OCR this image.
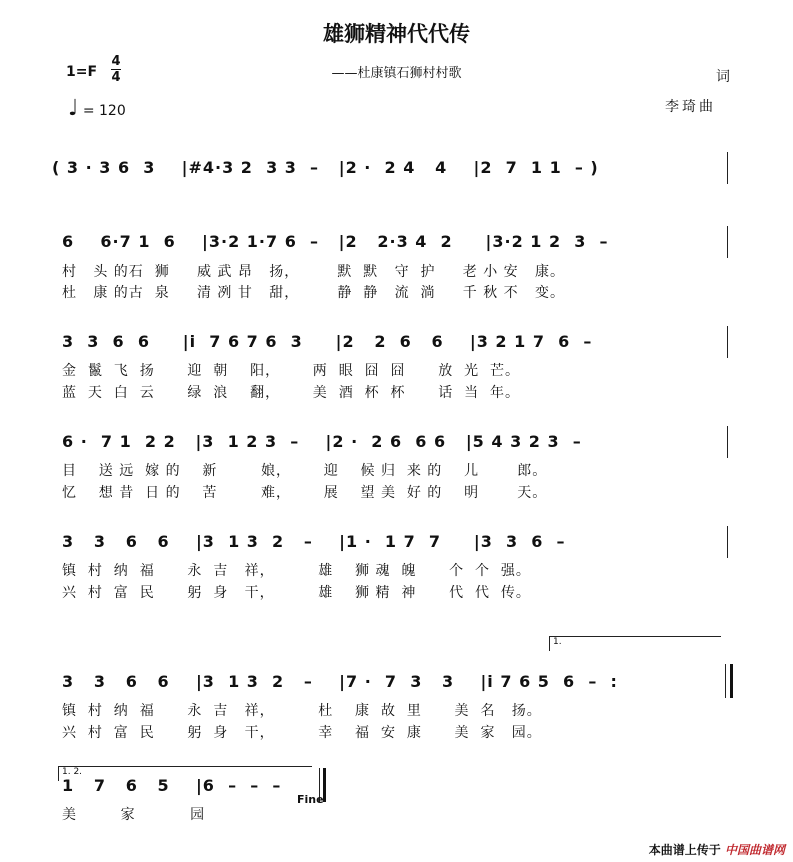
雄狮精神代代传
——杜康镇石狮村村歌
1=F
4
4
♩ = 120
词
李琦曲
( 3 · 3 6  3    |#4·3 2  3 3  –   |2 ·  2 4   4    |2  7  1 1  – )
6    6·7 1  6    |3·2 1·7 6  –   |2   2·3 4  2     |3·2 1 2  3  –
村   头 的石  狮     威 武 昂   扬，       默  默   守  护     老 小 安   康。
杜   康 的古  泉     清 冽 甘   甜，       静  静   流  淌     千 秋 不   变。
3  3  6  6     |i  7 6 7 6  3     |2   2  6   6    |3 2 1 7  6  –
金  鬣  飞  扬      迎  朝    阳，      两  眼  囧  囧      放  光  芒。
蓝  天  白  云      绿  浪    翻，      美  酒  杯  杯      话  当  年。
6 ·  7 1  2 2   |3  1 2 3  –    |2 ·  2 6  6 6   |5 4 3 2 3  –
目    送 远  嫁 的    新        娘，      迎    候 归  来 的    儿       郎。
忆    想 昔  日 的    苦        难，      展    望 美  好 的    明       天。
3   3   6   6    |3  1 3  2   –    |1 ·  1 7  7     |3  3  6  –
镇  村  纳  福      永  吉   祥，        雄    狮 魂  魄      个  个  强。
兴  村  富  民      躬  身   干，        雄    狮 精  神      代  代  传。
1.
3   3   6   6    |3  1 3  2   –    |7 ·  7  3   3    |i 7 6 5  6  –  :
镇  村  纳  福      永  吉   祥，        杜    康  故  里      美  名   扬。
兴  村  富  民      躬  身   干，        幸    福  安  康      美  家   园。
1. 2.
1   7   6   5    |6  –  –  –
Fine
美        家          园
本曲谱上传于 中国曲谱网
